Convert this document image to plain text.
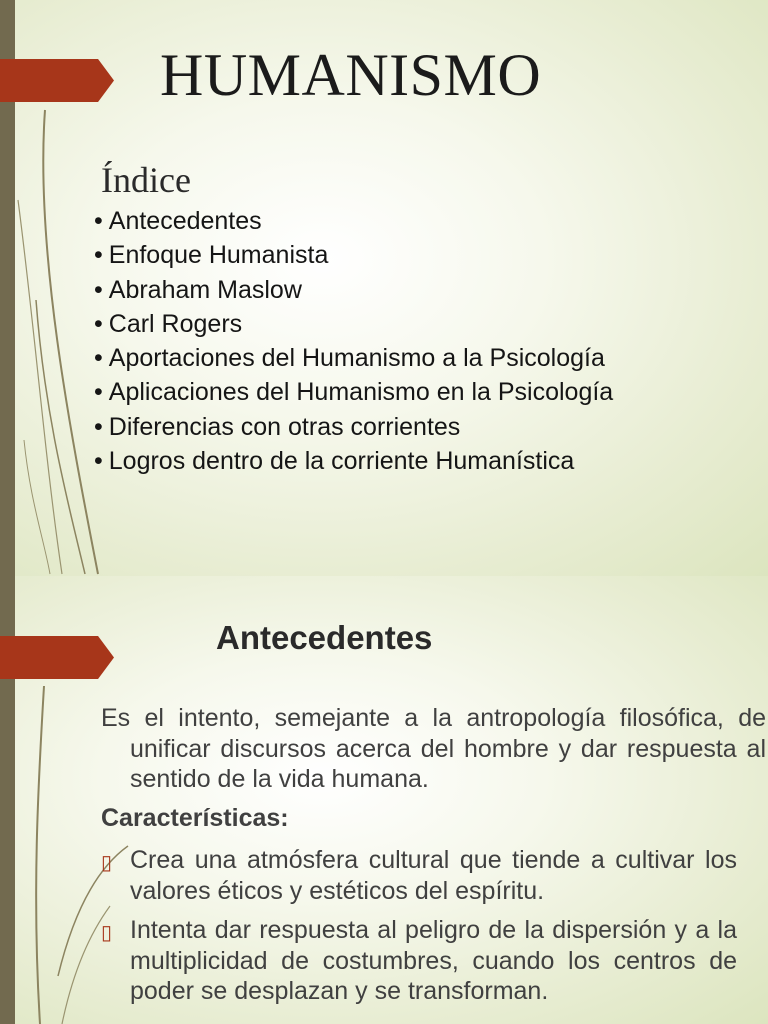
HUMANISMO
Índice
• Antecedentes
• Enfoque Humanista
• Abraham Maslow
• Carl Rogers
• Aportaciones del Humanismo a la Psicología
• Aplicaciones del Humanismo en la Psicología
• Diferencias con otras corrientes
• Logros dentro de la corriente Humanística
Antecedentes

Es el intento, semejante a la antropología filosófica, de unificar discursos acerca del hombre y dar respuesta al sentido de la vida humana.

Características:

▯ Crea una atmósfera cultural que tiende a cultivar los valores éticos y estéticos del espíritu.
▯ Intenta dar respuesta al peligro de la dispersión y a la multiplicidad de costumbres, cuando los centros de poder se desplazan y se transforman.
